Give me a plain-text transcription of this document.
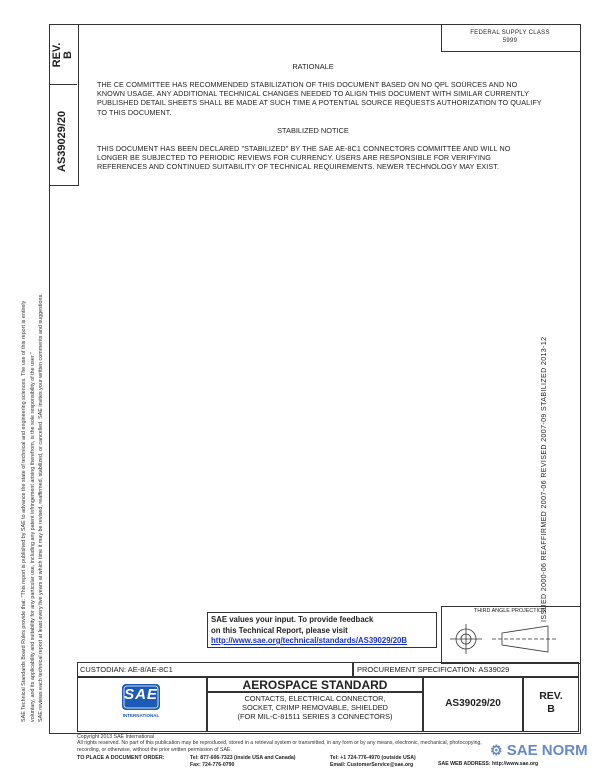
REV. B
AS39029/20
FEDERAL SUPPLY CLASS
5999
RATIONALE
THE CE COMMITTEE HAS RECOMMENDED STABILIZATION OF THIS DOCUMENT BASED ON NO QPL SOURCES AND NO KNOWN USAGE. ANY ADDITIONAL TECHNICAL CHANGES NEEDED TO ALIGN THIS DOCUMENT WITH SIMILAR CURRENTLY PUBLISHED DETAIL SHEETS SHALL BE MADE AT SUCH TIME A POTENTIAL SOURCE REQUESTS AUTHORIZATION TO QUALIFY TO THIS DOCUMENT.
STABILIZED NOTICE
THIS DOCUMENT HAS BEEN DECLARED "STABILIZED" BY THE SAE AE-8C1 CONNECTORS COMMITTEE AND WILL NO LONGER BE SUBJECTED TO PERIODIC REVIEWS FOR CURRENCY. USERS ARE RESPONSIBLE FOR VERIFYING REFERENCES AND CONTINUED SUITABILITY OF TECHNICAL REQUIREMENTS. NEWER TECHNOLOGY MAY EXIST.
ISSUED 2000-06 REAFFIRMED 2007-06 REVISED 2007-09 STABILIZED 2013-12
SAE Technical Standards Board Rules provide that: "This report is published by SAE to advance the state of technical and engineering sciences. The use of this report is entirely voluntary, and its applicability and suitability for any particular use, including any patent infringement arising therefrom, is the sole responsibility of the user." SAE reviews each technical report at least every five years at which time it may be revised, reaffirmed, stabilized, or cancelled. SAE invites your written comments and suggestions.	SAE values your input. To provide feedback
on this Technical Report, please visit
http://www.sae.org/technical/standards/AS39029/20B
THIRD ANGLE PROJECTION
CUSTODIAN: AE-8/AE-8C1	PROCUREMENT SPECIFICATION: AS39029
SAE
INTERNATIONAL
AEROSPACE STANDARD
CONTACTS, ELECTRICAL CONNECTOR,
SOCKET, CRIMP REMOVABLE, SHIELDED
(FOR MIL-C-81511 SERIES 3 CONNECTORS)
AS39029/20
REV.
B
Copyright 2013 SAE International
All rights reserved. No part of this publication may be reproduced, stored in a retrieval system or transmitted, in any form or by any means, electronic, mechanical, photocopying,
recording, or otherwise, without the prior written permission of SAE.
TO PLACE A DOCUMENT ORDER:	Tel: 877-606-7323 (inside USA and Canada)
Fax: 724-776-0790
Tel: +1 724-776-4970 (outside USA)
Email: CustomerService@sae.org	SAE WEB ADDRESS: http://www.sae.org
⚙ SAE NORM
